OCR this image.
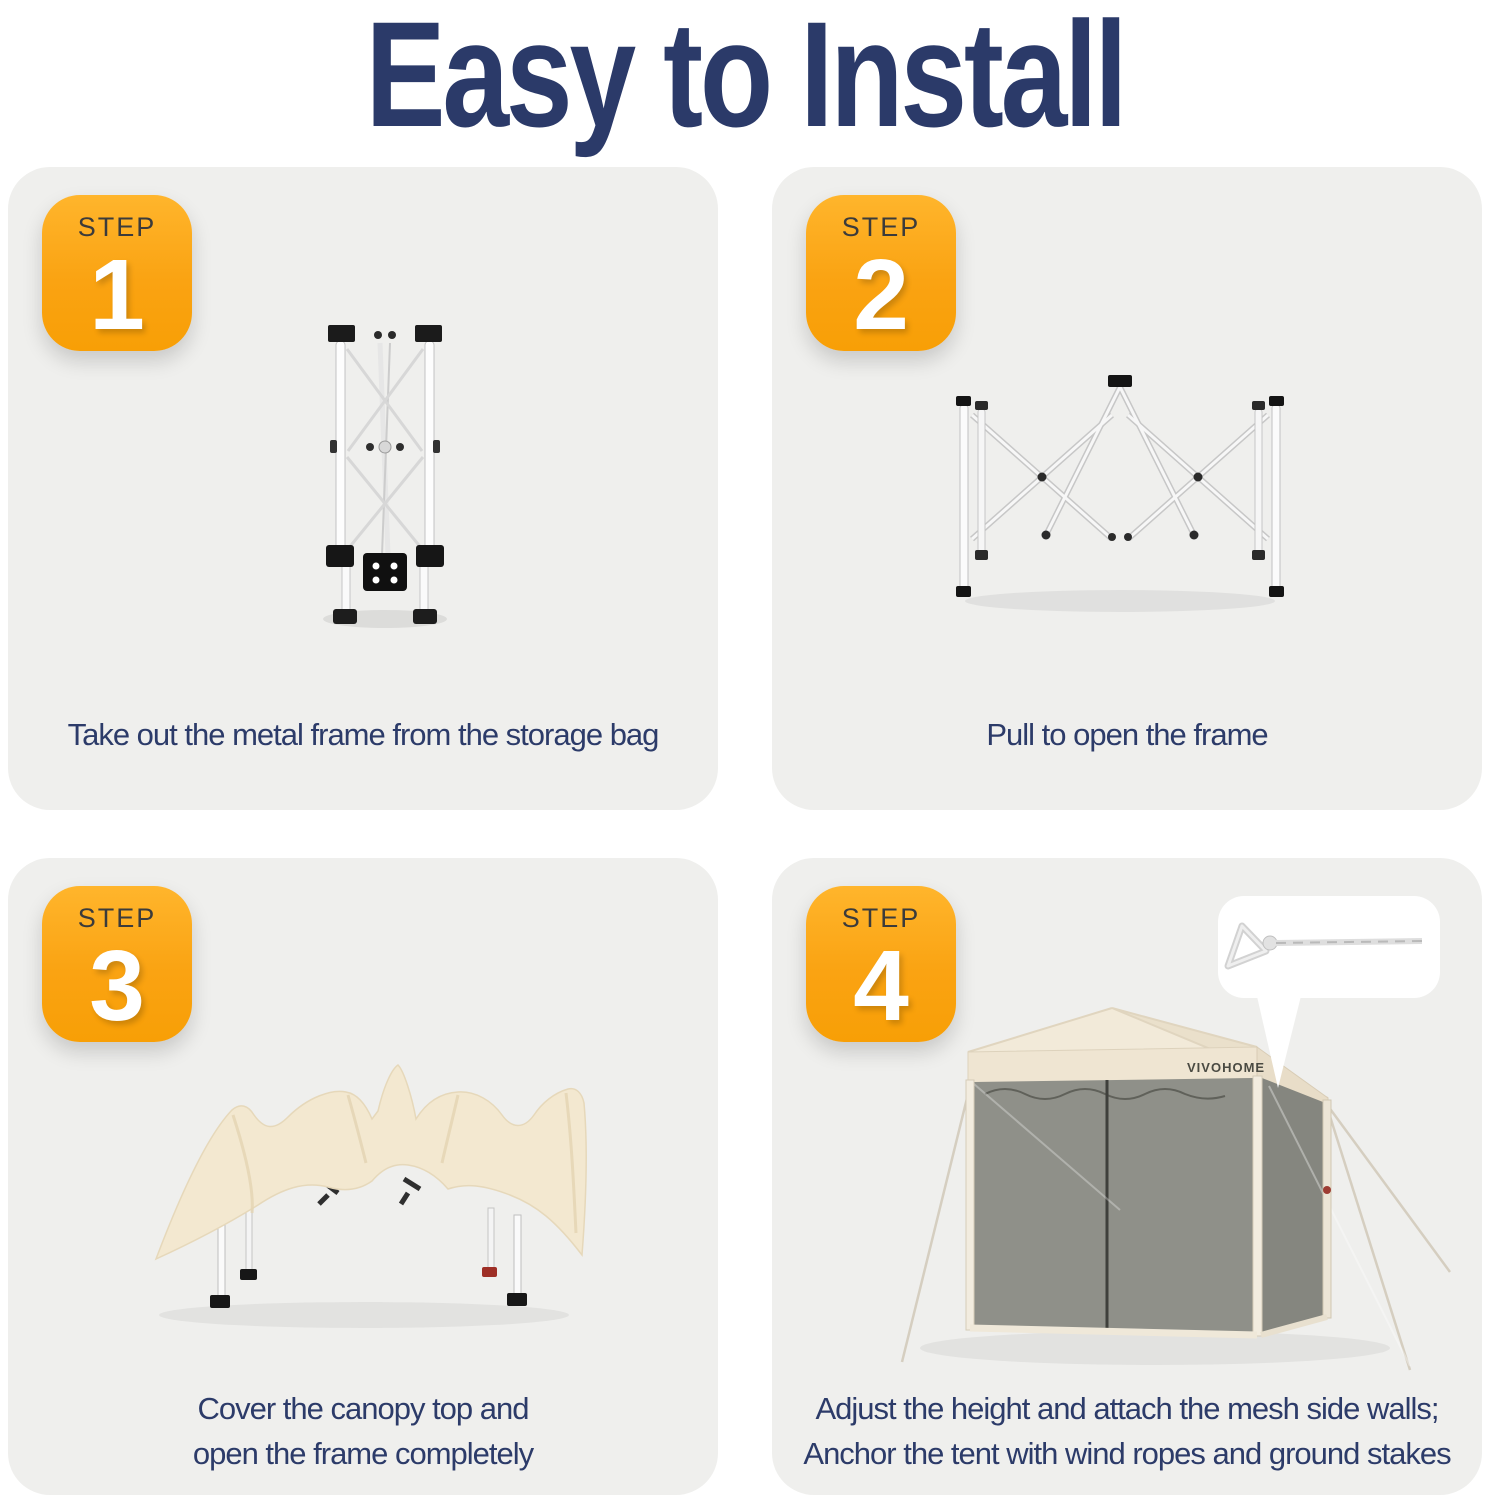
Easy to Install
STEP
1

Take out the metal frame from the storage bag

STEP
2

Pull to open the frame

STEP
3

Cover the canopy top and
open the frame completely

STEP
4
VIVOHOME

Adjust the height and attach the mesh side walls;
Anchor the tent with wind ropes and ground stakes
